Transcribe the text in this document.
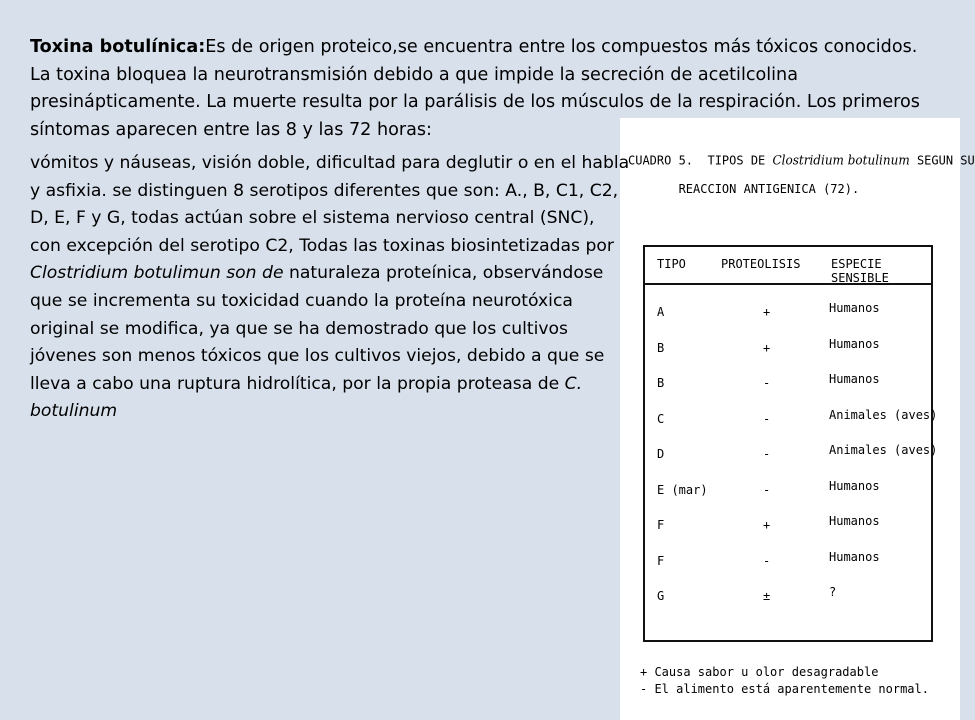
Toxina botulínica:Es de origen proteico,se encuentra entre los compuestos más tóxicos conocidos. La toxina bloquea la neurotransmisión debido a que impide la secreción de acetilcolina presinápticamente. La muerte resulta por la parálisis de los músculos de la respiración. Los primeros síntomas aparecen entre las 8 y las 72 horas:

CUADRO 5.  TIPOS DE Clostridium botulinum SEGUN SU
REACCION ANTIGENICA (72).
TIPO	PROTEOLISIS	ESPECIE SENSIBLE
A	+	Humanos
B	+	Humanos
B	-	Humanos
C	-	Animales (aves)
D	-	Animales (aves)
E (mar)	-	Humanos
F	+	Humanos
F	-	Humanos
G	±	?
+ Causa sabor u olor desagradable
- El alimento está aparentemente normal.

vómitos y náuseas, visión doble, dificultad para deglutir o en el habla y asfixia. se distinguen 8 serotipos diferentes que son: A., B, C1, C2, D, E, F y G, todas actúan sobre el sistema nervioso central (SNC), con excepción del serotipo C2, Todas las toxinas biosintetizadas por Clostridium botulimun son de naturaleza proteínica, observándose que se incrementa su toxicidad cuando la proteína neurotóxica original se modifica, ya que se ha demostrado que los cultivos jóvenes son menos tóxicos que los cultivos viejos, debido a que se lleva a cabo una ruptura hidrolítica, por la propia proteasa de C. botulinum
